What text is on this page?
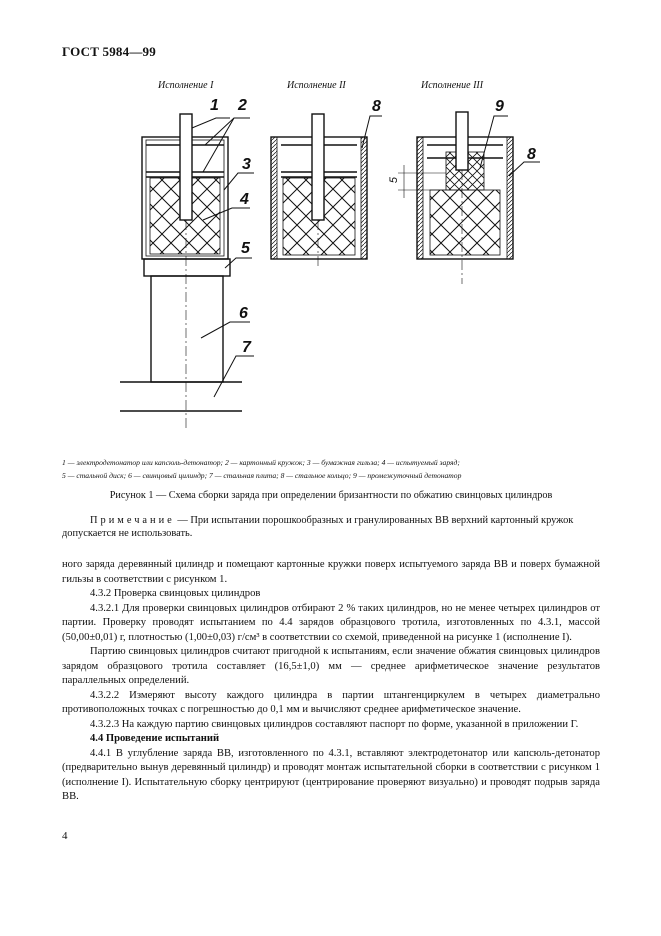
ГОСТ 5984—99
Исполнение I	Исполнение II	Исполнение III
1 2
3
4
5
6
7
8	9
8
5
1 — электродетонатор или капсюль-детонатор; 2 — картонный кружок; 3 — бумажная гильза; 4 — испытуемый заряд;
5 — стальной диск; 6 — свинцовый цилиндр; 7 — стальная плита; 8 — стальное кольцо; 9 — промежуточный детонатор
Рисунок 1 — Схема сборки заряда при определении бризантности по обжатию свинцовых цилиндров
Примечание — При испытании порошкообразных и гранулированных ВВ верхний картонный кружок допускается не использовать.

ного заряда деревянный цилиндр и помещают картонные кружки поверх испытуемого заряда ВВ и поверх бумажной гильзы в соответствии с рисунком 1.

4.3.2 Проверка свинцовых цилиндров

4.3.2.1 Для проверки свинцовых цилиндров отбирают 2 % таких цилиндров, но не менее четырех цилиндров от партии. Проверку проводят испытанием по 4.4 зарядов образцового тротила, изготовленных по 4.3.1, массой (50,00±0,01) г, плотностью (1,00±0,03) г/см³ в соответствии со схемой, приведенной на рисунке 1 (исполнение I).

Партию свинцовых цилиндров считают пригодной к испытаниям, если значение обжатия свинцовых цилиндров зарядом образцового тротила составляет (16,5±1,0) мм — среднее арифметическое значение результатов параллельных определений.

4.3.2.2 Измеряют высоту каждого цилиндра в партии штангенциркулем в четырех диаметрально противоположных точках с погрешностью до 0,1 мм и вычисляют среднее арифметическое значение.

4.3.2.3 На каждую партию свинцовых цилиндров составляют паспорт по форме, указанной в приложении Г.

4.4 Проведение испытаний

4.4.1 В углубление заряда ВВ, изготовленного по 4.3.1, вставляют электродетонатор или капсюль-детонатор (предварительно вынув деревянный цилиндр) и проводят монтаж испытательной сборки в соответствии с рисунком 1 (исполнение I). Испытательную сборку центрируют (центрирование проверяют визуально) и проводят подрыв заряда ВВ.

4
